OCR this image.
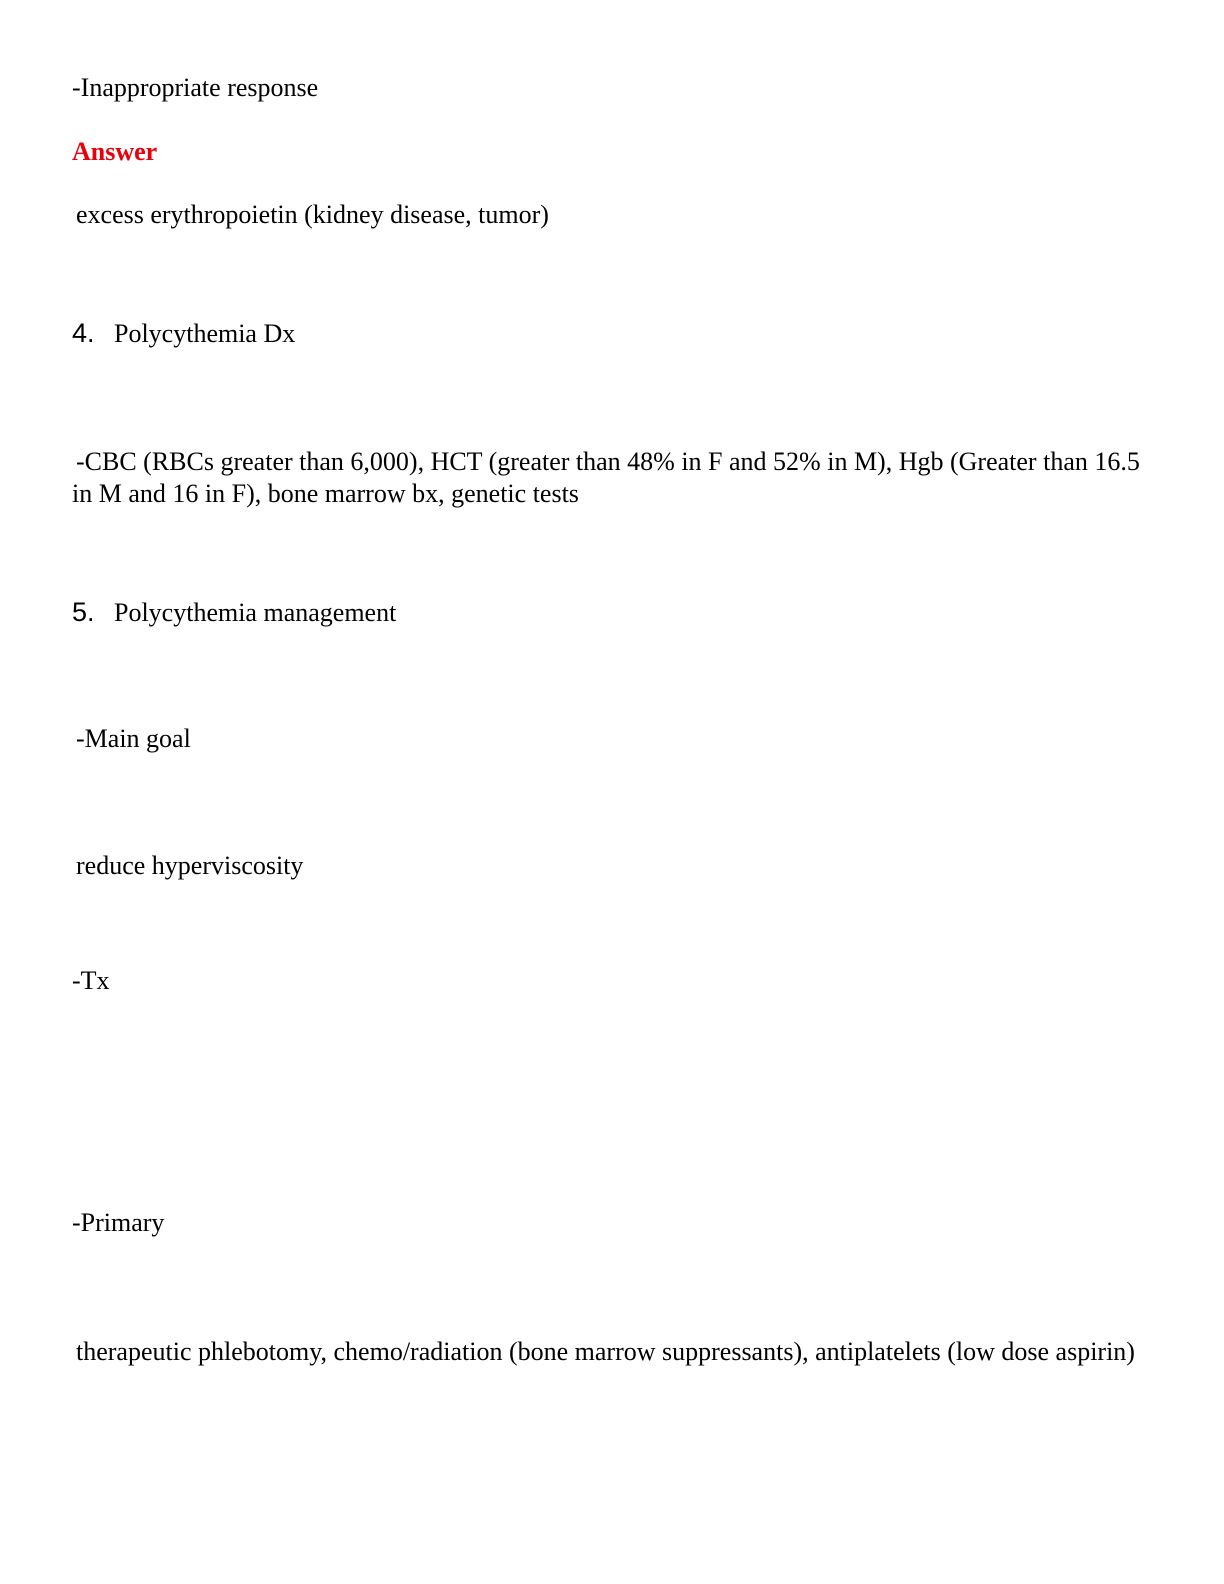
-Inappropriate response
Answer
excess erythropoietin (kidney disease, tumor)
4. Polycythemia Dx
-CBC (RBCs greater than 6,000), HCT (greater than 48% in F and 52% in M), Hgb (Greater than 16.5 in M and 16 in F), bone marrow bx, genetic tests
5. Polycythemia management
-Main goal
reduce hyperviscosity
-Tx
-Primary
therapeutic phlebotomy, chemo/radiation (bone marrow suppressants), antiplatelets (low dose aspirin)
